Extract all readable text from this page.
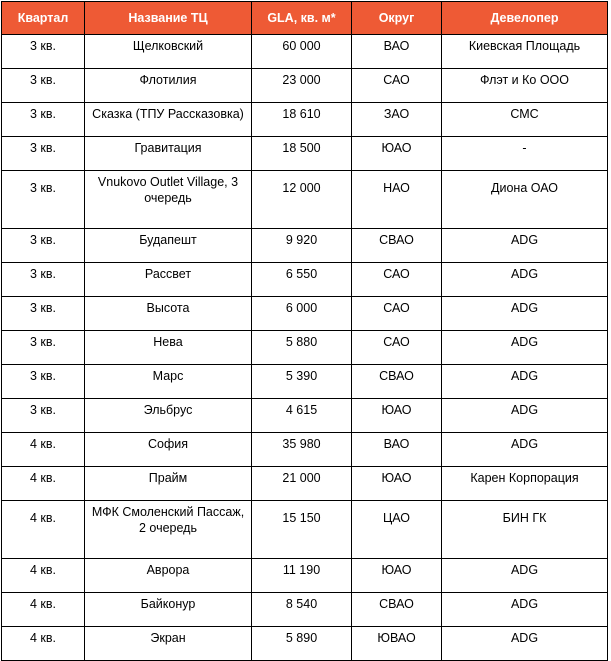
Квартал	Название ТЦ	GLA, кв. м*	Округ	Девелопер
3 кв.	Щелковский	60 000	ВАО	Киевская Площадь
3 кв.	Флотилия	23 000	САО	Флэт и Ко ООО
3 кв.	Сказка (ТПУ Рассказовка)	18 610	ЗАО	СМС
3 кв.	Гравитация	18 500	ЮАО	-
3 кв.	Vnukovo Outlet Village, 3 очередь	12 000	НАО	Диона ОАО
3 кв.	Будапешт	9 920	СВАО	ADG
3 кв.	Рассвет	6 550	САО	ADG
3 кв.	Высота	6 000	САО	ADG
3 кв.	Нева	5 880	САО	ADG
3 кв.	Марс	5 390	СВАО	ADG
3 кв.	Эльбрус	4 615	ЮАО	ADG
4 кв.	София	35 980	ВАО	ADG
4 кв.	Прайм	21 000	ЮАО	Карен Корпорация
4 кв.	МФК Смоленский Пассаж, 2 очередь	15 150	ЦАО	БИН ГК
4 кв.	Аврора	11 190	ЮАО	ADG
4 кв.	Байконур	8 540	СВАО	ADG
4 кв.	Экран	5 890	ЮВАО	ADG
